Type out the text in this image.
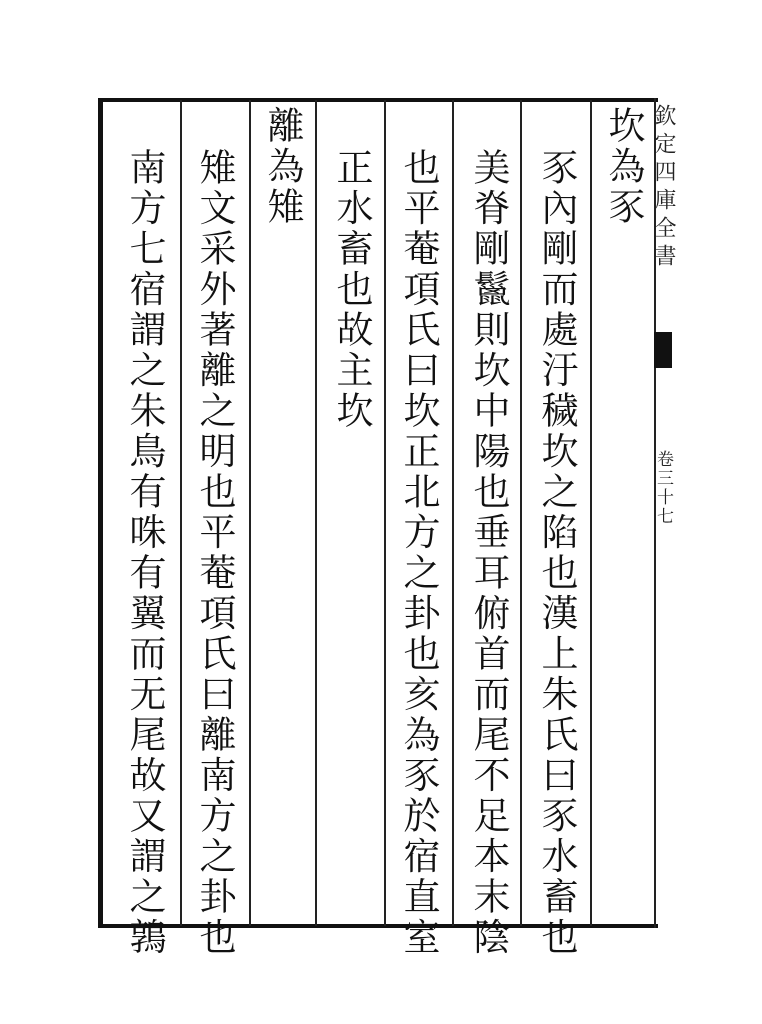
坎為豕
豕內剛而處汙穢坎之陷也漢上朱氏曰豕水畜也
美脊剛鬣則坎中陽也垂耳俯首而尾不足本末陰
也平菴項氏曰坎正北方之卦也亥為豕於宿直室
正水畜也故主坎
離為雉
雉文采外著離之明也平菴項氏曰離南方之卦也
南方七宿謂之朱鳥有咮有翼而无尾故又謂之鶉	欽定四庫全書
卷三十七
